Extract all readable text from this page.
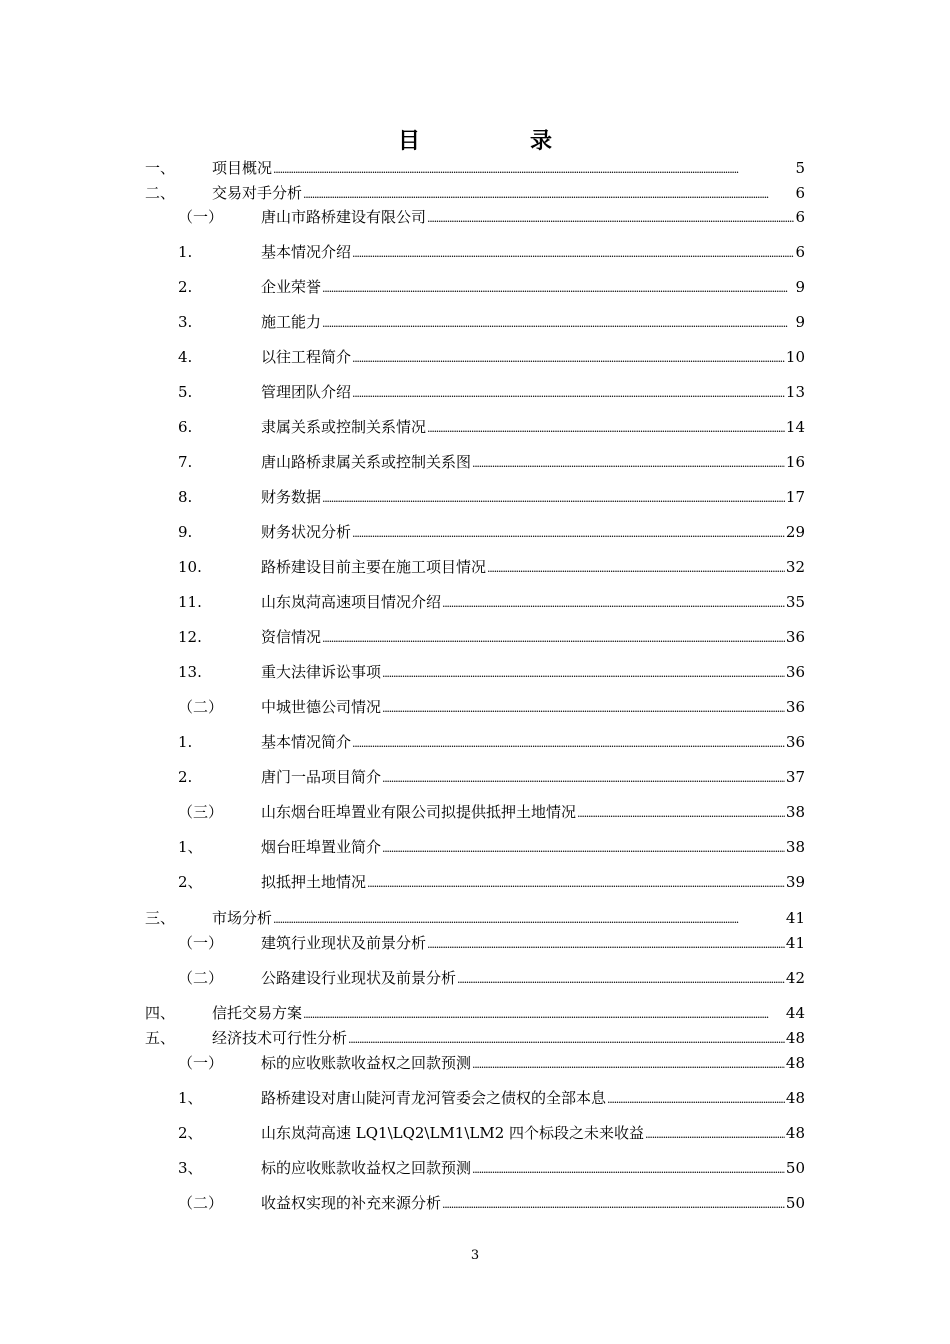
目　录
一、 项目概况 . . .	5
二、 交易对手分析 . . .	6
（一）	唐山市路桥建设有限公司 . . .	6
1.	基本情况介绍 . . .	6
2.	企业荣誉 . . .	9
3.	施工能力 . . .	9
4.	以往工程简介 . . .	10
5.	管理团队介绍 . . .	13
6.	隶属关系或控制关系情况 . . .	14
7.	唐山路桥隶属关系或控制关系图 . . .	16
8.	财务数据 . . .	17
9.	财务状况分析 . . .	29
10.	路桥建设目前主要在施工项目情况 . . .	32
11.	山东岚菏高速项目情况介绍 . . .	35
12.	资信情况 . . .	36
13.	重大法律诉讼事项 . . .	36
（二）	中城世德公司情况 . . .	36
1.	基本情况简介 . . .	36
2.	唐门一品项目简介 . . .	37
（三）	山东烟台旺埠置业有限公司拟提供抵押土地情况 . . .	38
1、	烟台旺埠置业简介 . . .	38
2、	拟抵押土地情况 . . .	39
三、 市场分析 . . .	41
（一）	建筑行业现状及前景分析 . . .	41
（二）	公路建设行业现状及前景分析 . . .	42
四、 信托交易方案 . . .	44
五、 经济技术可行性分析 . . .	48
（一）	标的应收账款收益权之回款预测 . . .	48
1、	路桥建设对唐山陡河青龙河管委会之债权的全部本息 . . .	48
2、	山东岚菏高速 LQ1\LQ2\LM1\LM2 四个标段之未来收益 . . .	48
3、	标的应收账款收益权之回款预测 . . .	50
（二）	收益权实现的补充来源分析 . . .	50
3
